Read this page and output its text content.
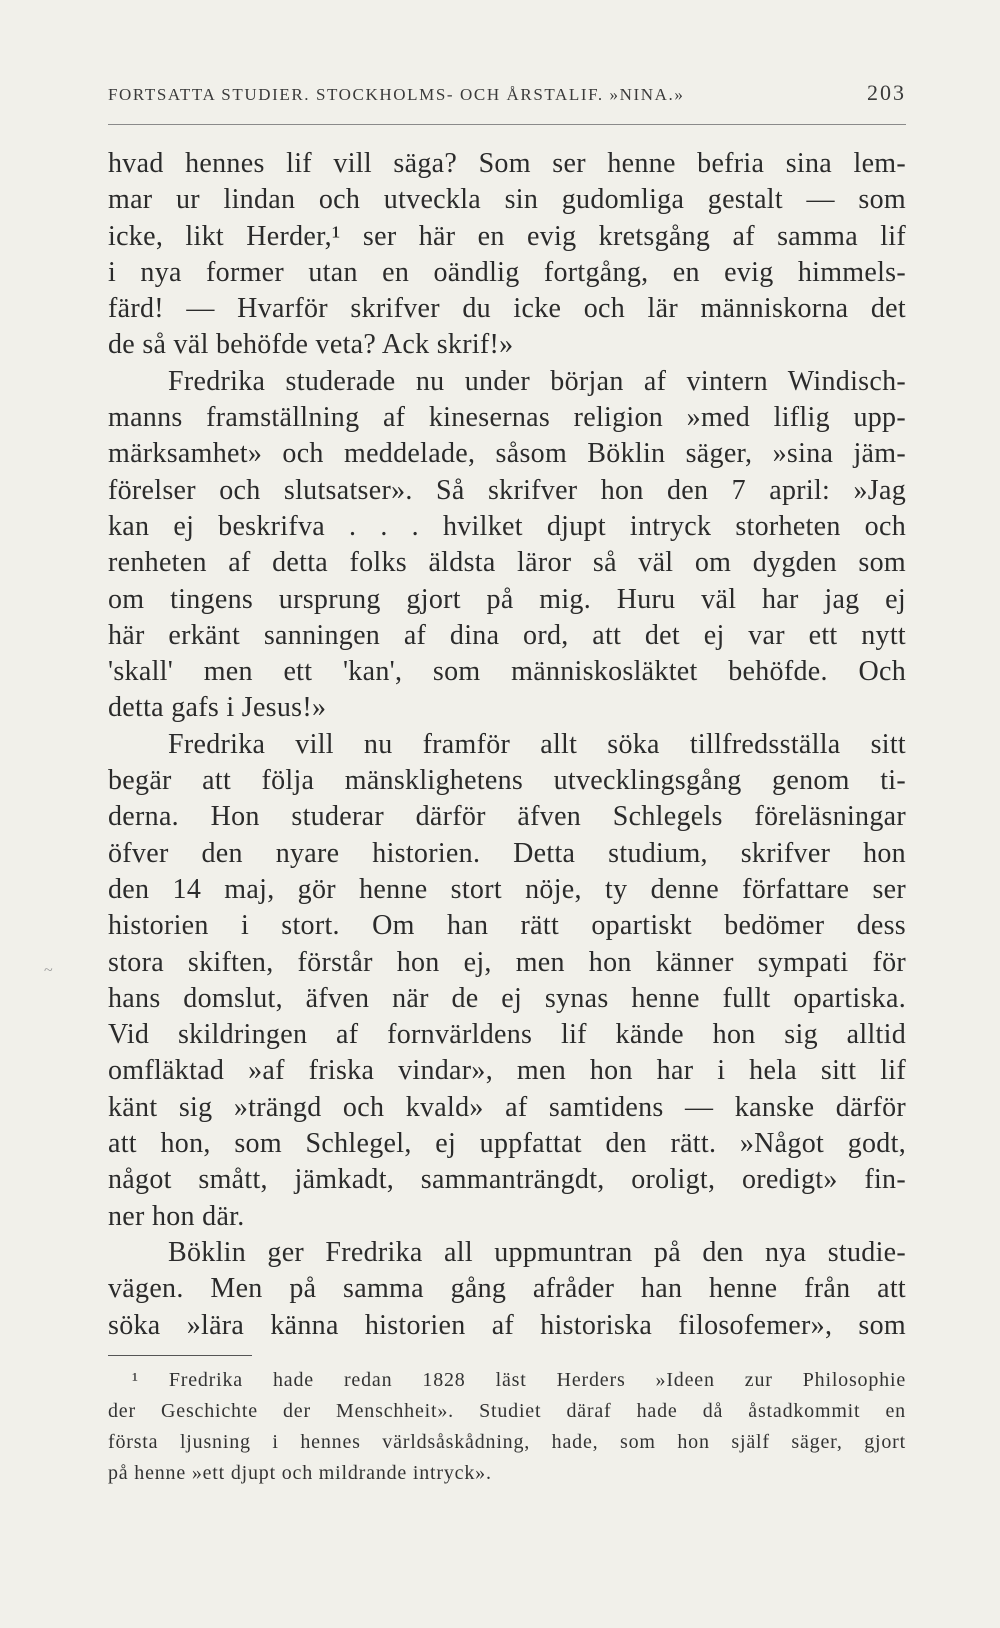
FORTSATTA STUDIER. STOCKHOLMS- OCH ÅRSTALIF. »NINA.»	203
hvad hennes lif vill säga? Som ser henne befria sina lem-
mar ur lindan och utveckla sin gudomliga gestalt — som
icke, likt Herder,¹ ser här en evig kretsgång af samma lif
i nya former utan en oändlig fortgång, en evig himmels-
färd! — Hvarför skrifver du icke och lär människorna det
de så väl behöfde veta? Ack skrif!»
Fredrika studerade nu under början af vintern Windisch-
manns framställning af kinesernas religion »med liflig upp-
märksamhet» och meddelade, såsom Böklin säger, »sina jäm-
förelser och slutsatser». Så skrifver hon den 7 april: »Jag
kan ej beskrifva . . . hvilket djupt intryck storheten och
renheten af detta folks äldsta läror så väl om dygden som
om tingens ursprung gjort på mig. Huru väl har jag ej
här erkänt sanningen af dina ord, att det ej var ett nytt
'skall' men ett 'kan', som människosläktet behöfde. Och
detta gafs i Jesus!»
Fredrika vill nu framför allt söka tillfredsställa sitt
begär att följa mänsklighetens utvecklingsgång genom ti-
derna. Hon studerar därför äfven Schlegels föreläsningar
öfver den nyare historien. Detta studium, skrifver hon
den 14 maj, gör henne stort nöje, ty denne författare ser
historien i stort. Om han rätt opartiskt bedömer dess
stora skiften, förstår hon ej, men hon känner sympati för
hans domslut, äfven när de ej synas henne fullt opartiska.
Vid skildringen af fornvärldens lif kände hon sig alltid
omfläktad »af friska vindar», men hon har i hela sitt lif
känt sig »trängd och kvald» af samtidens — kanske därför
att hon, som Schlegel, ej uppfattat den rätt. »Något godt,
något smått, jämkadt, sammanträngdt, oroligt, oredigt» fin-
ner hon där.
Böklin ger Fredrika all uppmuntran på den nya studie-
vägen. Men på samma gång afråder han henne från att
söka »lära känna historien af historiska filosofemer», som
¹ Fredrika hade redan 1828 läst Herders »Ideen zur Philosophie
der Geschichte der Menschheit». Studiet däraf hade då åstadkommit en
första ljusning i hennes världsåskådning, hade, som hon själf säger, gjort
på henne »ett djupt och mildrande intryck».
~
